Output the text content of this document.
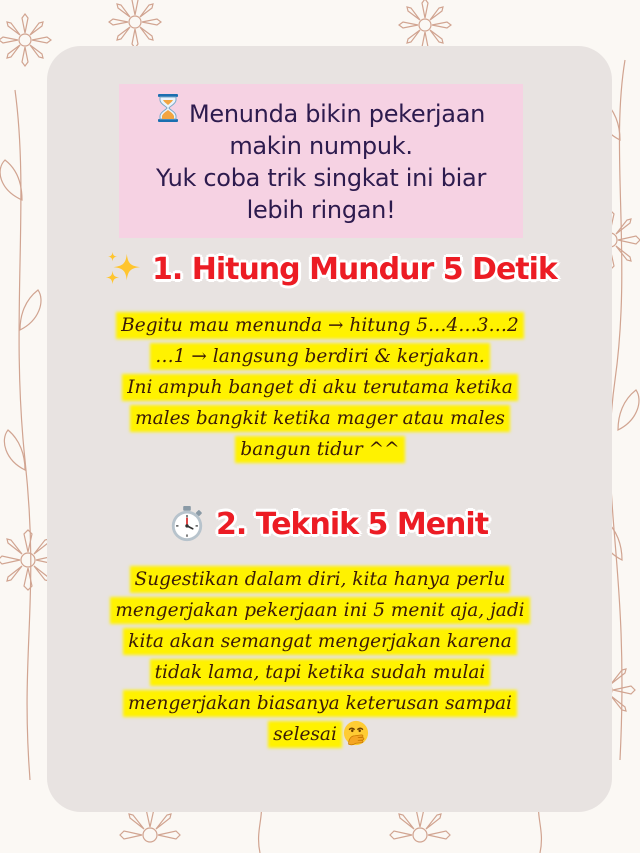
Menunda bikin pekerjaan
makin numpuk.
Yuk coba trik singkat ini biar
lebih ringan!
1. Hitung Mundur 5 Detik
Begitu mau menunda → hitung 5…4…3…2
…1 → langsung berdiri & kerjakan.
Ini ampuh banget di aku terutama ketika
males bangkit ketika mager atau males
bangun tidur ^^
2. Teknik 5 Menit
Sugestikan dalam diri, kita hanya perlu
mengerjakan pekerjaan ini 5 menit aja, jadi
kita akan semangat mengerjakan karena
tidak lama, tapi ketika sudah mulai
mengerjakan biasanya keterusan sampai
selesai
